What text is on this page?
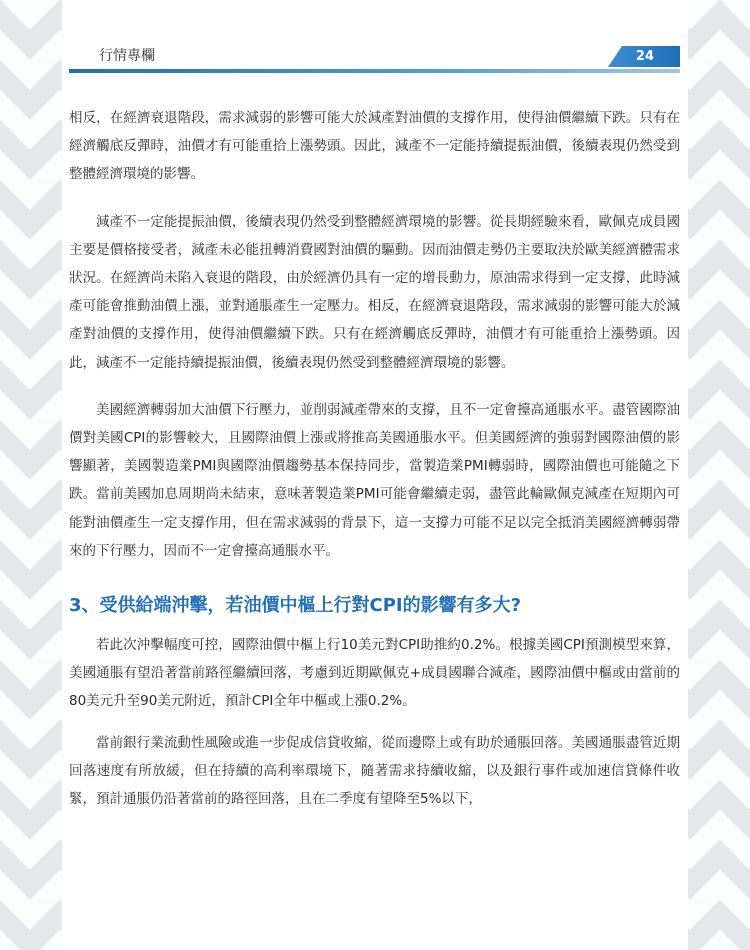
行情專欄	24

相反，在經濟衰退階段，需求減弱的影響可能大於減產對油價的支撐作用，使得油價繼續下跌。只有在經濟觸底反彈時，油價才有可能重拾上漲勢頭。因此，減產不一定能持續提振油價，後續表現仍然受到整體經濟環境的影響。

減產不一定能提振油價，後續表現仍然受到整體經濟環境的影響。從長期經驗來看，歐佩克成員國主要是價格接受者，減產未必能扭轉消費國對油價的驅動。因而油價走勢仍主要取決於歐美經濟體需求狀況。在經濟尚未陷入衰退的階段，由於經濟仍具有一定的增長動力，原油需求得到一定支撐，此時減產可能會推動油價上漲，並對通脹產生一定壓力。相反，在經濟衰退階段，需求減弱的影響可能大於減產對油價的支撐作用，使得油價繼續下跌。只有在經濟觸底反彈時，油價才有可能重拾上漲勢頭。因此，減產不一定能持續提振油價，後續表現仍然受到整體經濟環境的影響。

美國經濟轉弱加大油價下行壓力，並削弱減產帶來的支撐，且不一定會擡高通脹水平。盡管國際油價對美國CPI的影響較大，且國際油價上漲或將推高美國通脹水平。但美國經濟的強弱對國際油價的影響顯著，美國製造業PMI與國際油價趨勢基本保持同步，當製造業PMI轉弱時，國際油價也可能隨之下跌。當前美國加息周期尚未結束，意味著製造業PMI可能會繼續走弱，盡管此輪歐佩克減產在短期內可能對油價產生一定支撐作用，但在需求減弱的背景下，這一支撐力可能不足以完全抵消美國經濟轉弱帶來的下行壓力，因而不一定會擡高通脹水平。

3、受供給端沖擊，若油價中樞上行對CPI的影響有多大?

若此次沖擊幅度可控，國際油價中樞上行10美元對CPI助推約0.2%。根據美國CPI預測模型來算，美國通脹有望沿著當前路徑繼續回落，考慮到近期歐佩克+成員國聯合減產，國際油價中樞或由當前的80美元升至90美元附近，預計CPI全年中樞或上漲0.2%。

當前銀行業流動性風險或進一步促成信貸收縮，從而邊際上或有助於通脹回落。美國通脹盡管近期回落速度有所放緩，但在持續的高利率環境下，隨著需求持續收縮，以及銀行事件或加速信貸條件收緊，預計通脹仍沿著當前的路徑回落，且在二季度有望降至5%以下，
